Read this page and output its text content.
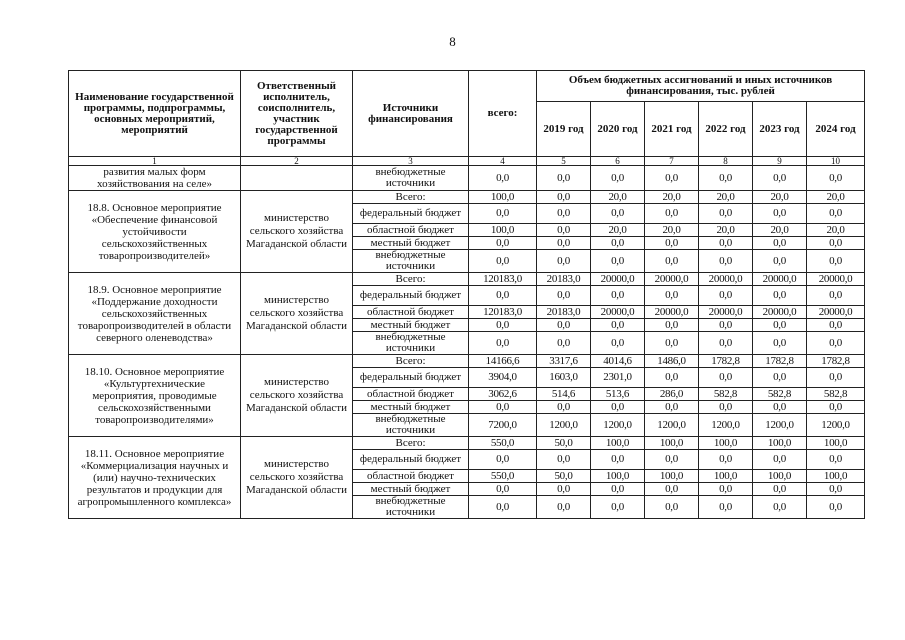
8
Наименование государственной программы, подпрограммы, основных мероприятий, мероприятий	Ответственный исполнитель, соисполнитель, участник государственной программы	Источники финансирования	всего:	Объем бюджетных ассигнований и иных источников финансирования, тыс. рублей					
				2019 год	2020 год	2021 год	2022 год	2023 год	2024 год
1	2	3	4	5	6	7	8	9	10
развития малых форм хозяйствования на селе»		внебюджетные источники	0,0	0,0	0,0	0,0	0,0	0,0	0,0
18.8. Основное мероприятие «Обеспечение финансовой устойчивости сельскохозяйственных товаропроизводителей»	министерство сельского хозяйства Магаданской области	Всего:	100,0	0,0	20,0	20,0	20,0	20,0	20,0
		федеральный бюджет	0,0	0,0	0,0	0,0	0,0	0,0	0,0
		областной бюджет	100,0	0,0	20,0	20,0	20,0	20,0	20,0
		местный бюджет	0,0	0,0	0,0	0,0	0,0	0,0	0,0
		внебюджетные источники	0,0	0,0	0,0	0,0	0,0	0,0	0,0
18.9. Основное мероприятие «Поддержание доходности сельскохозяйственных товаропроизводителей в области северного оленеводства»	министерство сельского хозяйства Магаданской области	Всего:	120183,0	20183,0	20000,0	20000,0	20000,0	20000,0	20000,0
		федеральный бюджет	0,0	0,0	0,0	0,0	0,0	0,0	0,0
		областной бюджет	120183,0	20183,0	20000,0	20000,0	20000,0	20000,0	20000,0
		местный бюджет	0,0	0,0	0,0	0,0	0,0	0,0	0,0
		внебюджетные источники	0,0	0,0	0,0	0,0	0,0	0,0	0,0
18.10. Основное мероприятие «Культуртехнические мероприятия, проводимые сельскохозяйственными товаропроизводителями»	министерство сельского хозяйства Магаданской области	Всего:	14166,6	3317,6	4014,6	1486,0	1782,8	1782,8	1782,8
		федеральный бюджет	3904,0	1603,0	2301,0	0,0	0,0	0,0	0,0
		областной бюджет	3062,6	514,6	513,6	286,0	582,8	582,8	582,8
		местный бюджет	0,0	0,0	0,0	0,0	0,0	0,0	0,0
		внебюджетные источники	7200,0	1200,0	1200,0	1200,0	1200,0	1200,0	1200,0
18.11. Основное мероприятие «Коммерциализация научных и (или) научно-технических результатов и продукции для агропромышленного комплекса»	министерство сельского хозяйства Магаданской области	Всего:	550,0	50,0	100,0	100,0	100,0	100,0	100,0
		федеральный бюджет	0,0	0,0	0,0	0,0	0,0	0,0	0,0
		областной бюджет	550,0	50,0	100,0	100,0	100,0	100,0	100,0
		местный бюджет	0,0	0,0	0,0	0,0	0,0	0,0	0,0
		внебюджетные источники	0,0	0,0	0,0	0,0	0,0	0,0	0,0
